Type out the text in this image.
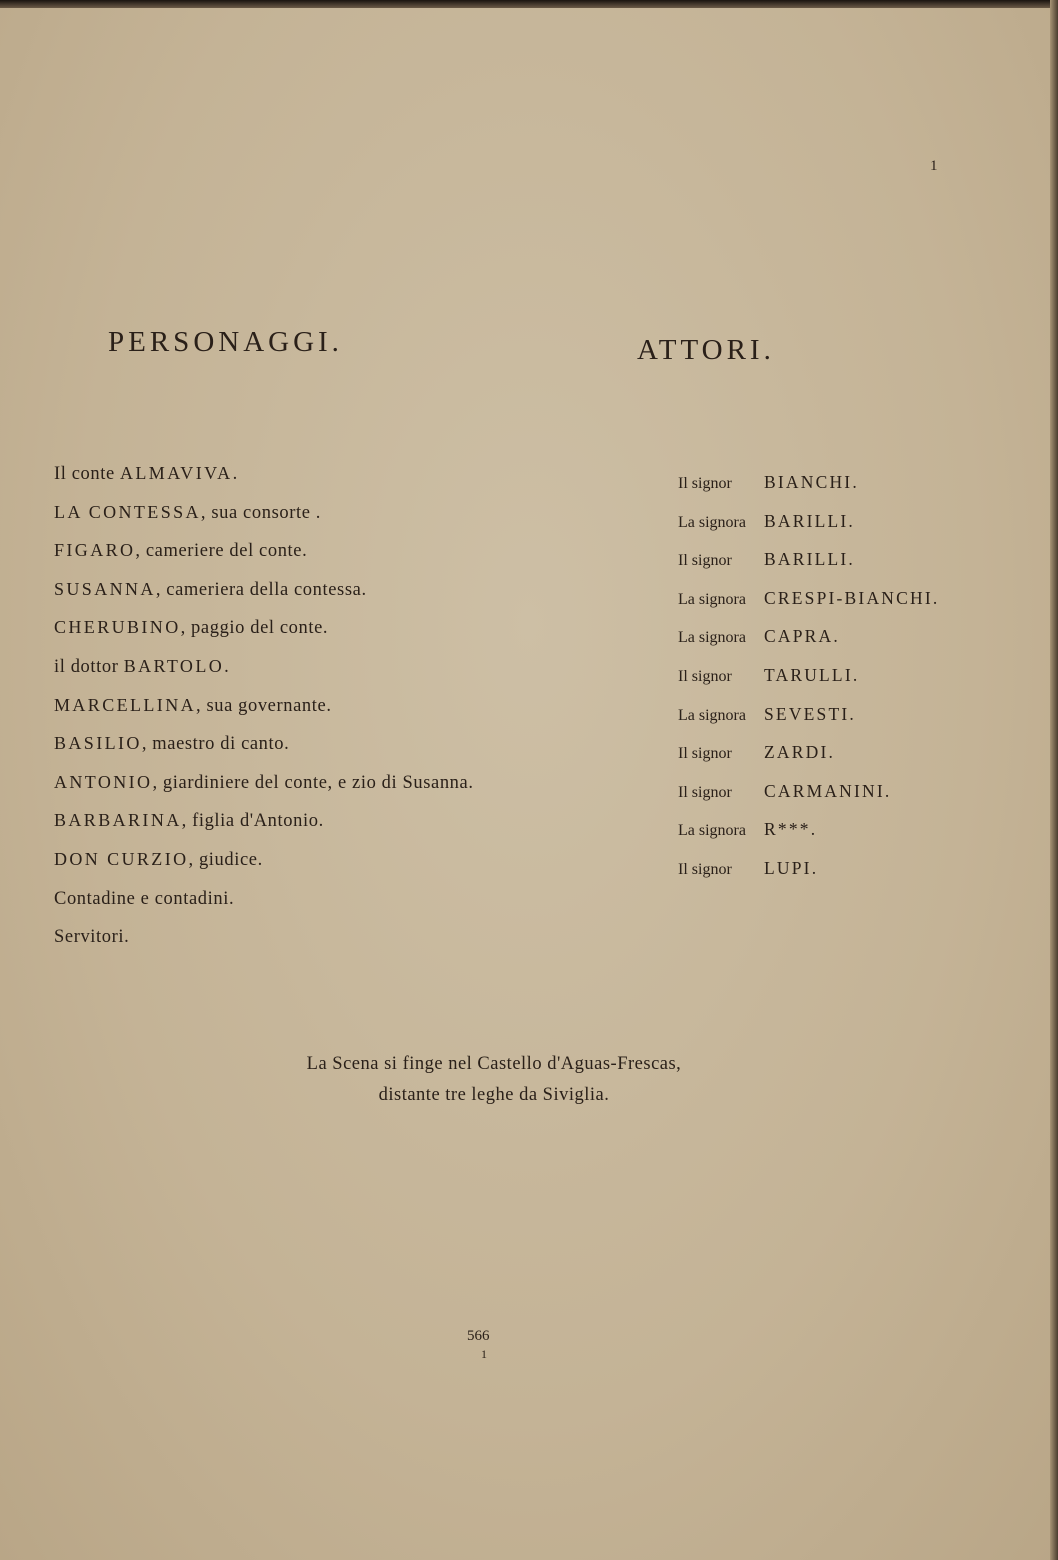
1
PERSONAGGI.	ATTORI.
Il conte ALMAVIVA.
LA CONTESSA, sua consorte .
FIGARO, cameriere del conte.
SUSANNA, cameriera della contessa.
CHERUBINO, paggio del conte.
il dottor BARTOLO.
MARCELLINA, sua governante.
BASILIO, maestro di canto.
ANTONIO, giardiniere del conte, e zio di Susanna.
BARBARINA, figlia d'Antonio.
DON CURZIO, giudice.
Contadine e contadini.
Servitori.
Il signor BIANCHI.
La signora BARILLI.
Il signor BARILLI.
La signora CRESPI-BIANCHI.
La signora CAPRA.
Il signor TARULLI.
La signora SEVESTI.
Il signor ZARDI.
Il signor CARMANINI.
La signora R***.
Il signor LUPI.
La Scena si finge nel Castello d'Aguas-Frescas,
distante tre leghe da Siviglia.
566
1
